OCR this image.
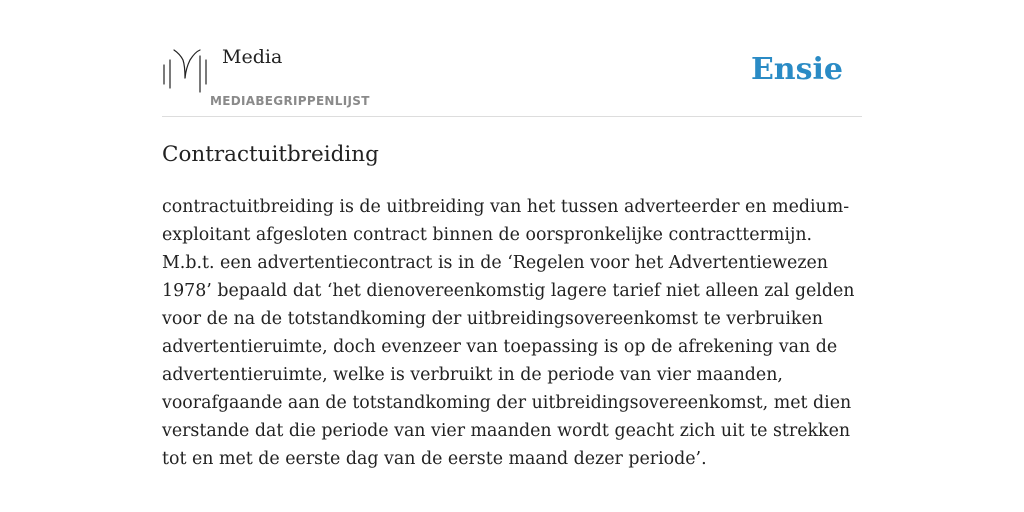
Media
MEDIABEGRIPPENLIJST
Ensie
Contractuitbreiding

contractuitbreiding is de uitbreiding van het tussen adverteerder en medium-exploitant afgesloten contract binnen de oorspronkelijke contracttermijn. M.b.t. een advertentiecontract is in de ‘Regelen voor het Advertentiewezen 1978’ bepaald dat ‘het dienovereenkomstig lagere tarief niet alleen zal gelden voor de na de totstandkoming der uitbreidingsovereenkomst te verbruiken advertentieruimte, doch evenzeer van toepassing is op de afrekening van de advertentieruimte, welke is verbruikt in de periode van vier maanden, voorafgaande aan de totstandkoming der uitbreidingsovereenkomst, met dien verstande dat die periode van vier maanden wordt geacht zich uit te strekken tot en met de eerste dag van de eerste maand dezer periode’.
